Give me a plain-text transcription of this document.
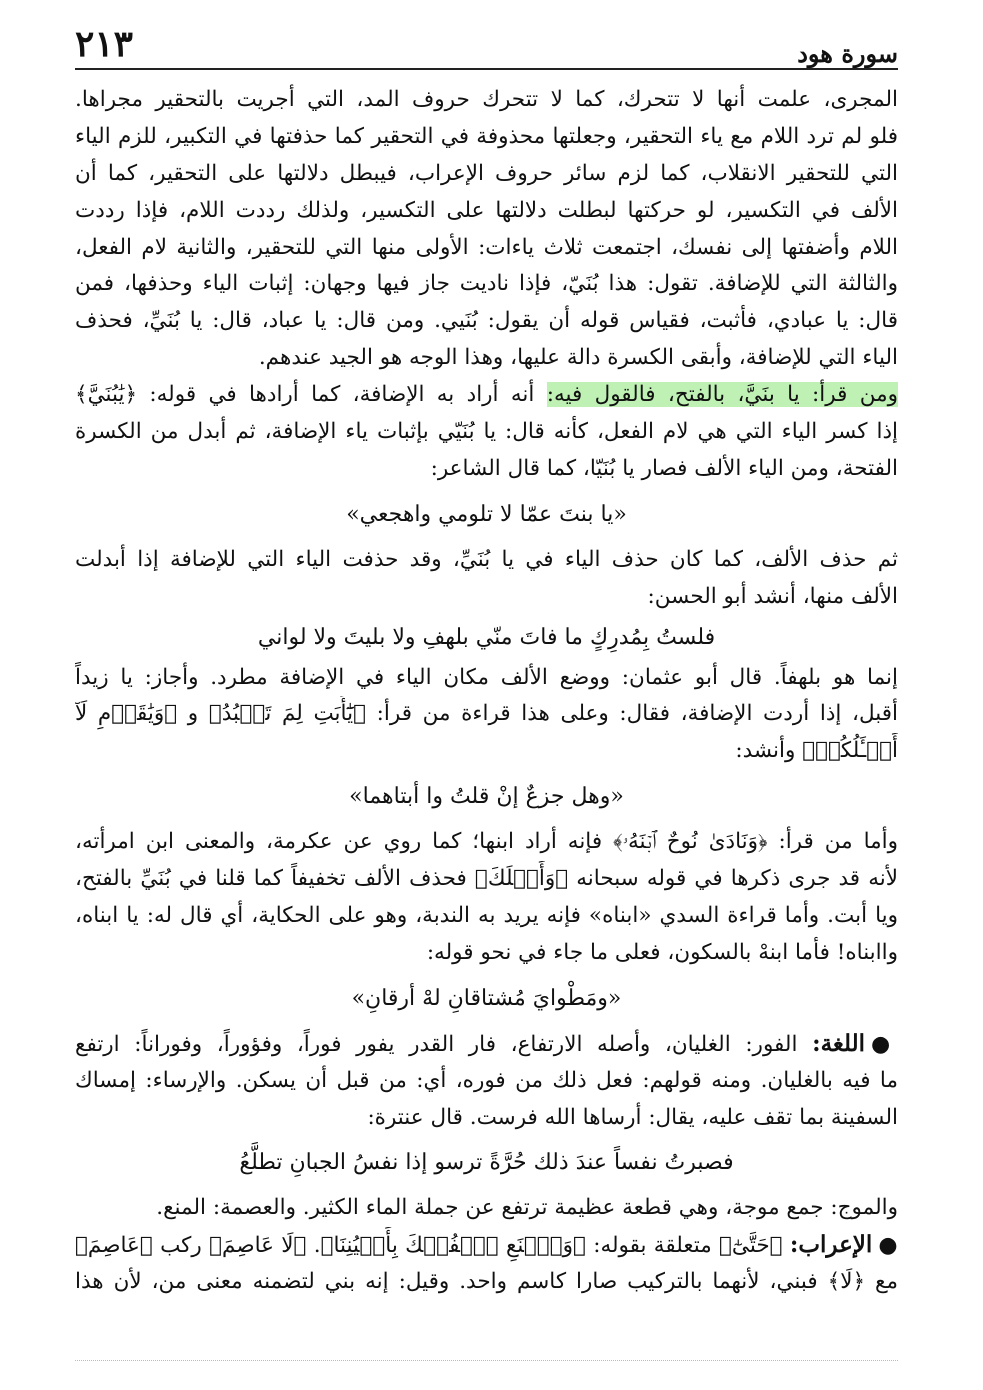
سورة هود
٢١٣
المجرى، علمت أنها لا تتحرك، كما لا تتحرك حروف المد، التي أجريت بالتحقير مجراها.
فلو لم ترد اللام مع ياء التحقير، وجعلتها محذوفة في التحقير كما حذفتها في التكبير، للزم الياء
التي للتحقير الانقلاب، كما لزم سائر حروف الإعراب، فيبطل دلالتها على التحقير، كما أن
الألف في التكسير، لو حركتها لبطلت دلالتها على التكسير، ولذلك رددت اللام، فإذا رددت
اللام وأضفتها إلى نفسك، اجتمعت ثلاث ياءات: الأولى منها التي للتحقير، والثانية لام الفعل،
والثالثة التي للإضافة. تقول: هذا بُنَيّ، فإذا ناديت جاز فيها وجهان: إثبات الياء وحذفها، فمن
قال: يا عبادي، فأثبت، فقياس قوله أن يقول: بُنَيي. ومن قال: يا عباد، قال: يا بُنَيِّ، فحذف
الياء التي للإضافة، وأبقى الكسرة دالة عليها، وهذا الوجه هو الجيد عندهم.
ومن قرأ: يا بنَيَّ، بالفتح، فالقول فيه: أنه أراد به الإضافة، كما أرادها في قوله: ﴿يَٰبُنَيَّ﴾
إذا كسر الياء التي هي لام الفعل، كأنه قال: يا بُنَيّي بإثبات ياء الإضافة، ثم أبدل من الكسرة
الفتحة، ومن الياء الألف فصار يا بُنَيّا، كما قال الشاعر:
«يا بنتَ عمّا لا تلومي واهجعي»
ثم حذف الألف، كما كان حذف الياء في يا بُنَيِّ، وقد حذفت الياء التي للإضافة إذا أبدلت
الألف منها، أنشد أبو الحسن:
فلستُ بِمُدرِكٍ ما فاتَ منّي بلهفِ ولا بليتَ ولا لواني
إنما هو بلهفاً. قال أبو عثمان: ووضع الألف مكان الياء في الإضافة مطرد. وأجاز: يا زيداً
أقبل، إذا أردت الإضافة، فقال: وعلى هذا قراءة من قرأ: ﴿يَٰٓأَبَتِ لِمَ تَعۡبُدُ﴾ و ﴿وَيَٰقَوۡمِ لَآ
أَسۡـَٔلُكُمۡ﴾ وأنشد:
«وهل جزعٌ إنْ قلتُ وا أبتاهما»
وأما من قرأ: ﴿وَنَادَىٰ نُوحٌ ٱبۡنَهُۥ﴾ فإنه أراد ابنها؛ كما روي عن عكرمة، والمعنى ابن امرأته،
لأنه قد جرى ذكرها في قوله سبحانه ﴿وَأَهۡلَكَ﴾ فحذف الألف تخفيفاً كما قلنا في بُنَيِّ بالفتح،
ويا أبت. وأما قراءة السدي «ابناه» فإنه يريد به الندبة، وهو على الحكاية، أي قال له: يا ابناه،
واابناه! فأما ابنهْ بالسكون، فعلى ما جاء في نحو قوله:
«ومَطْوايَ مُشتاقانِ لهْ أرقانِ»
●اللغة: الفور: الغليان، وأصله الارتفاع، فار القدر يفور فوراً، وفؤوراً، وفوراناً: ارتفع
ما فيه بالغليان. ومنه قولهم: فعل ذلك من فوره، أي: من قبل أن يسكن. والإرساء: إمساك
السفينة بما تقف عليه، يقال: أرساها الله فرست. قال عنترة:
فصبرتُ نفساً عندَ ذلك حُرَّةً ترسو إذا نفسُ الجبانِ تطلَّعُ
والموج: جمع موجة، وهي قطعة عظيمة ترتفع عن جملة الماء الكثير. والعصمة: المنع.
●الإعراب: ﴿حَتَّىٰٓ﴾ متعلقة بقوله: ﴿وَٱصۡنَعِ ٱلۡفُلۡكَ بِأَعۡيُنِنَا﴾. ﴿لَا عَاصِمَ﴾ ركب ﴿عَاصِمَ﴾
مع ﴿لَا﴾ فبني، لأنهما بالتركيب صارا كاسم واحد. وقيل: إنه بني لتضمنه معنى من، لأن هذا
